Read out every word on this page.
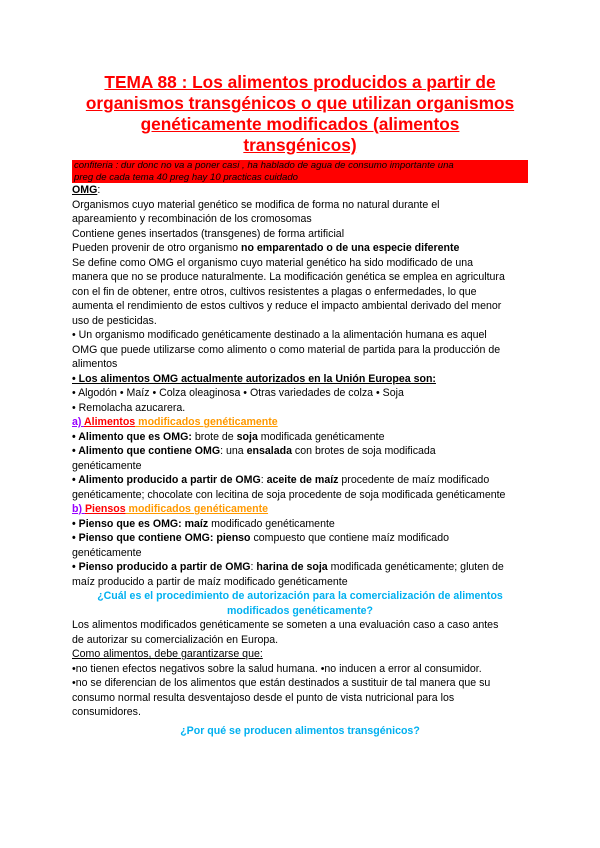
TEMA 88 : Los alimentos producidos a partir de
organismos transgénicos o que utilizan organismos
genéticamente modificados (alimentos
transgénicos)
confiteria : dur donc no va a poner casi , ha hablado de agua de consumo importante una
preg de cada tema 40 preg hay 10 practicas cuidado

OMG:

Organismos cuyo material genético se modifica de forma no natural durante el

apareamiento y recombinación de los cromosomas

Contiene genes insertados (transgenes) de forma artificial

Pueden provenir de otro organismo no emparentado o de una especie diferente

Se define como OMG el organismo cuyo material genético ha sido modificado de una

manera que no se produce naturalmente. La modificación genética se emplea en agricultura

con el fin de obtener, entre otros, cultivos resistentes a plagas o enfermedades, lo que

aumenta el rendimiento de estos cultivos y reduce el impacto ambiental derivado del menor

uso de pesticidas.

• Un organismo modificado genéticamente destinado a la alimentación humana es aquel

OMG que puede utilizarse como alimento o como material de partida para la producción de

alimentos

• Los alimentos OMG actualmente autorizados en la Unión Europea son:

• Algodón • Maíz • Colza oleaginosa • Otras variedades de colza • Soja

• Remolacha azucarera.

a) Alimentos modificados genéticamente

• Alimento que es OMG: brote de soja modificada genéticamente

• Alimento que contiene OMG: una ensalada con brotes de soja modificada

genéticamente

• Alimento producido a partir de OMG: aceite de maíz procedente de maíz modificado

genéticamente; chocolate con lecitina de soja procedente de soja modificada genéticamente

b) Piensos modificados genéticamente

• Pienso que es OMG: maíz modificado genéticamente

• Pienso que contiene OMG: pienso compuesto que contiene maíz modificado

genéticamente

• Pienso producido a partir de OMG: harina de soja modificada genéticamente; gluten de

maíz producido a partir de maíz modificado genéticamente

¿Cuál es el procedimiento de autorización para la comercialización de alimentos

modificados genéticamente?

Los alimentos modificados genéticamente se someten a una evaluación caso a caso antes

de autorizar su comercialización en Europa.

Como alimentos, debe garantizarse que:

•no tienen efectos negativos sobre la salud humana. •no inducen a error al consumidor.

•no se diferencian de los alimentos que están destinados a sustituir de tal manera que su

consumo normal resulta desventajoso desde el punto de vista nutricional para los

consumidores.

¿Por qué se producen alimentos transgénicos?
